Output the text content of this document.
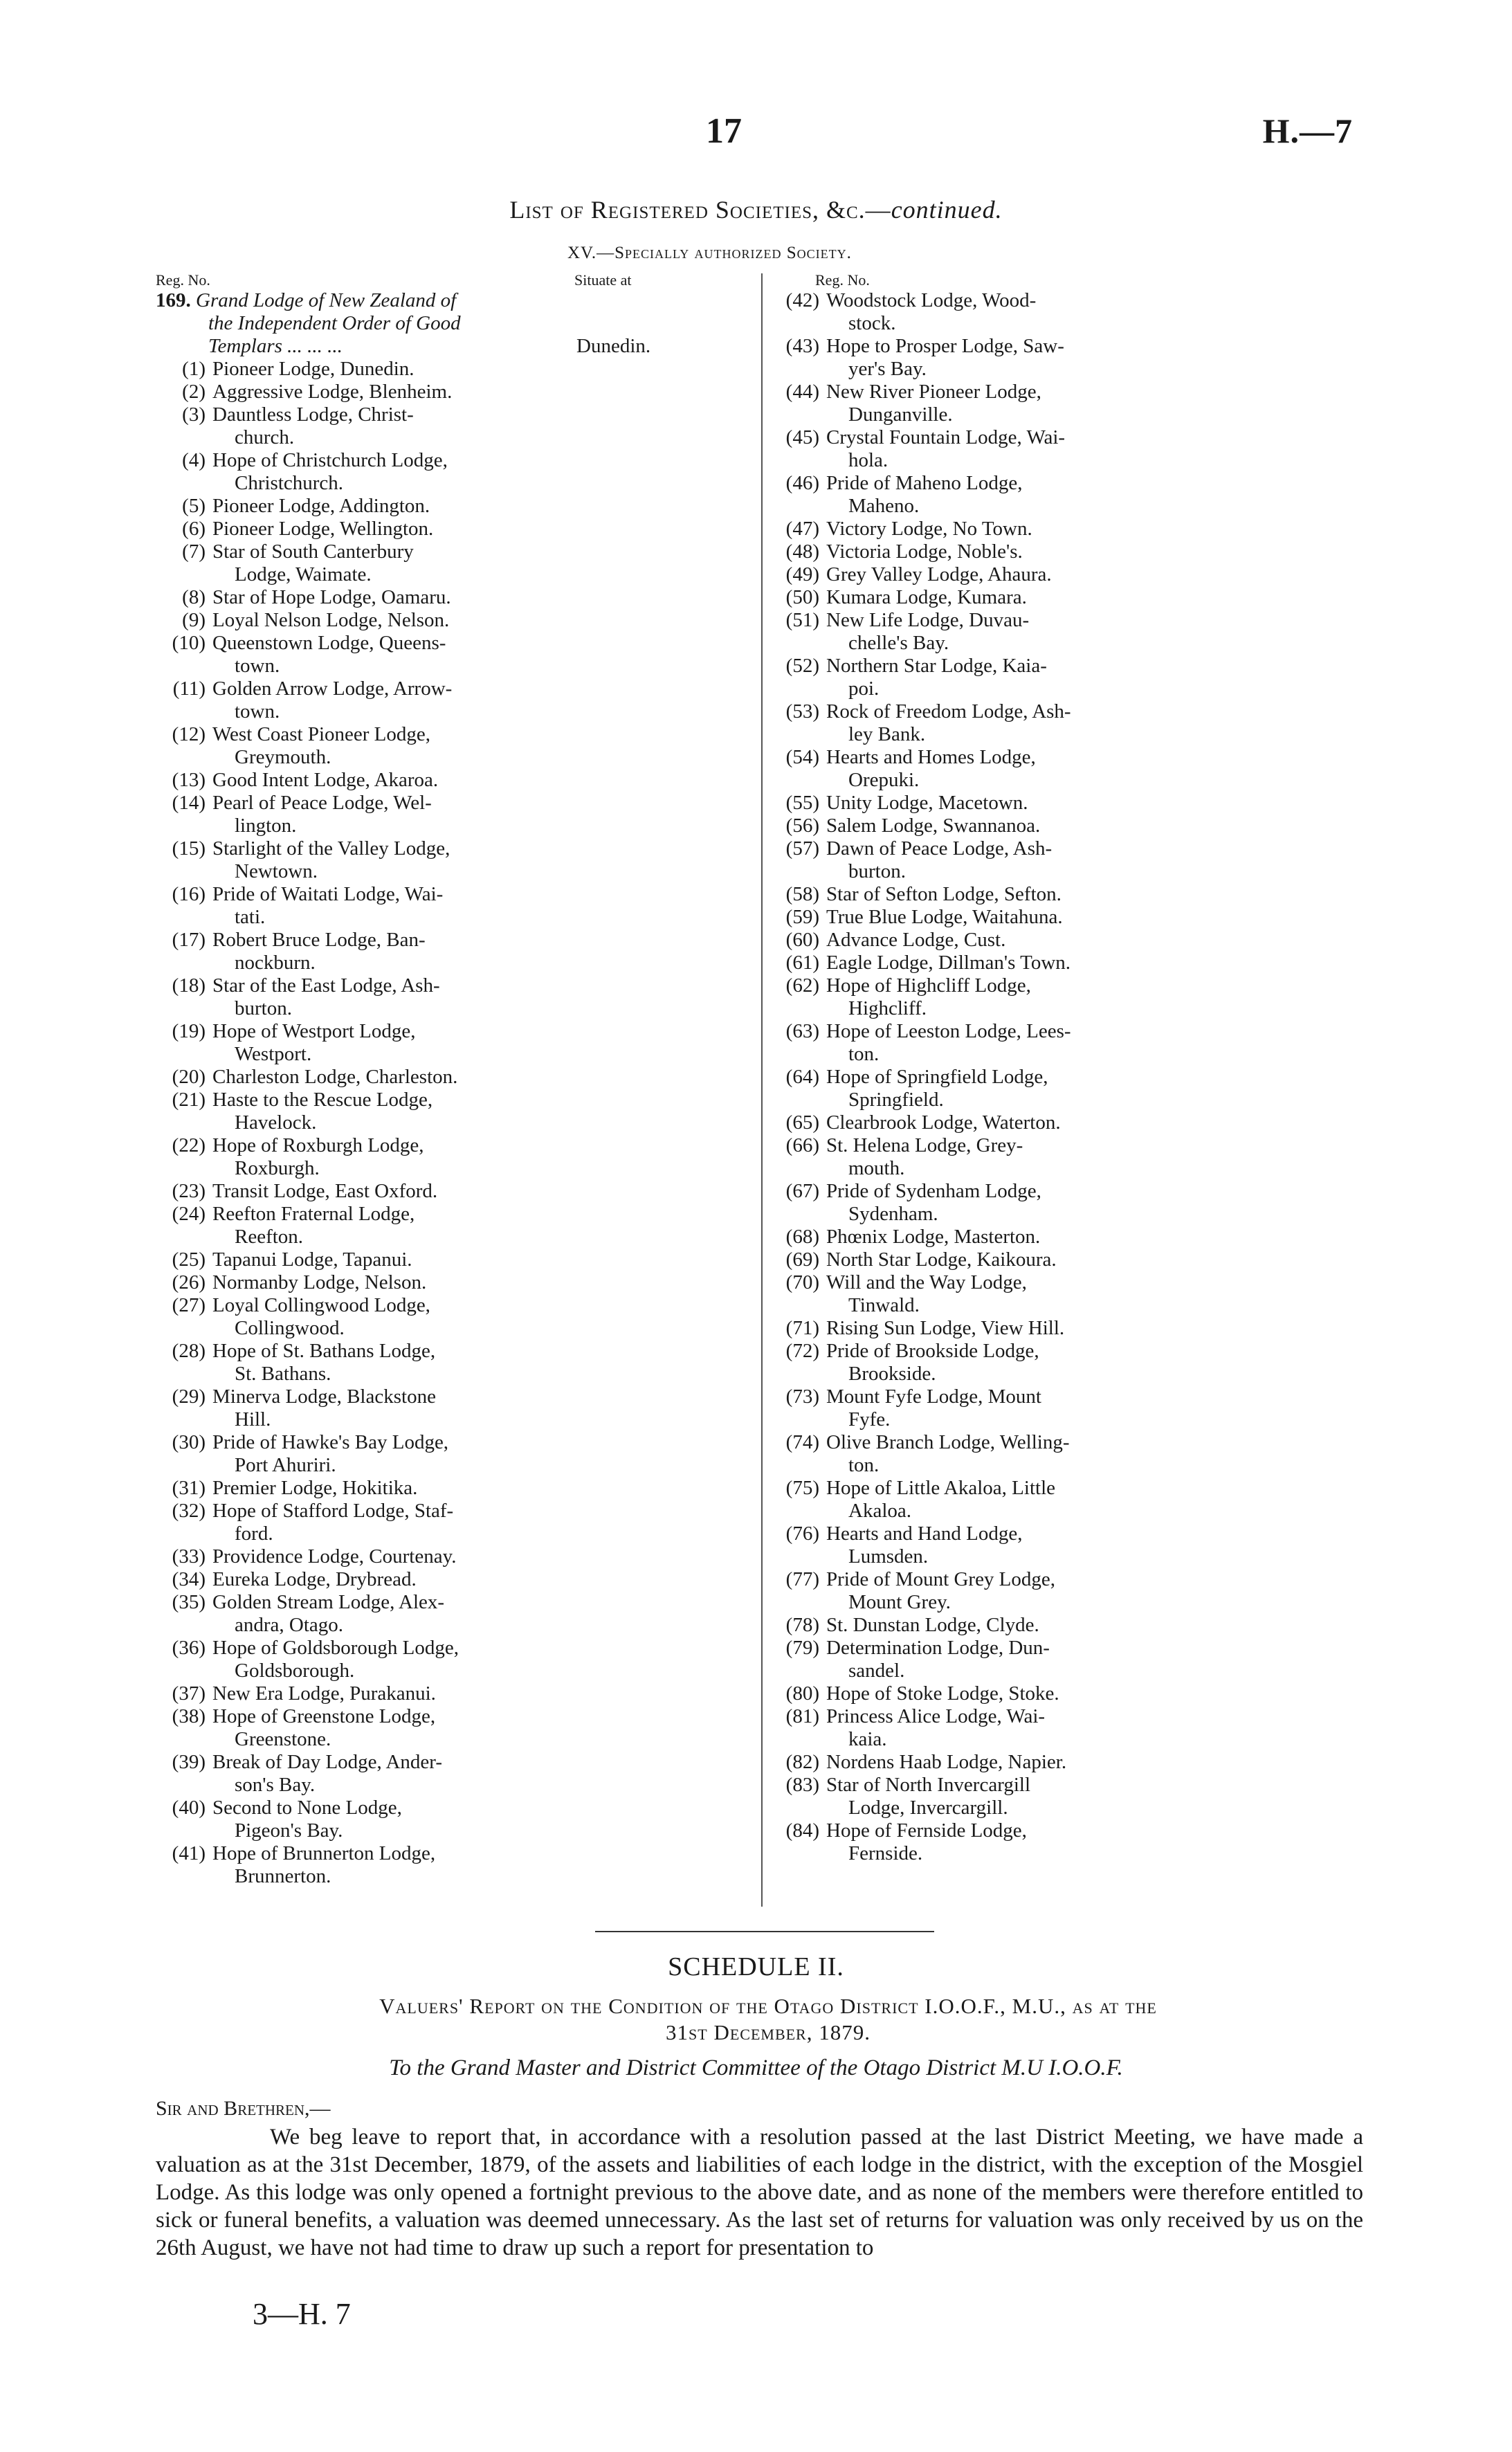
17	H.—7
List of Registered Societies, &c.—continued.
XV.—Specially authorized Society.
Reg. No.	Situate at	Reg. No.
169. Grand Lodge of New Zealand of
the Independent Order of Good
Templars ... ... ...	Dunedin.
(1) Pioneer Lodge, Dunedin.
(2) Aggressive Lodge, Blenheim.
(3) Dauntless Lodge, Christ-
church.
(4) Hope of Christchurch Lodge,
Christchurch.
(5) Pioneer Lodge, Addington.
(6) Pioneer Lodge, Wellington.
(7) Star of South Canterbury
Lodge, Waimate.
(8) Star of Hope Lodge, Oamaru.
(9) Loyal Nelson Lodge, Nelson.
(10) Queenstown Lodge, Queens-
town.
(11) Golden Arrow Lodge, Arrow-
town.
(12) West Coast Pioneer Lodge,
Greymouth.
(13) Good Intent Lodge, Akaroa.
(14) Pearl of Peace Lodge, Wel-
lington.
(15) Starlight of the Valley Lodge,
Newtown.
(16) Pride of Waitati Lodge, Wai-
tati.
(17) Robert Bruce Lodge, Ban-
nockburn.
(18) Star of the East Lodge, Ash-
burton.
(19) Hope of Westport Lodge,
Westport.
(20) Charleston Lodge, Charleston.
(21) Haste to the Rescue Lodge,
Havelock.
(22) Hope of Roxburgh Lodge,
Roxburgh.
(23) Transit Lodge, East Oxford.
(24) Reefton Fraternal Lodge,
Reefton.
(25) Tapanui Lodge, Tapanui.
(26) Normanby Lodge, Nelson.
(27) Loyal Collingwood Lodge,
Collingwood.
(28) Hope of St. Bathans Lodge,
St. Bathans.
(29) Minerva Lodge, Blackstone
Hill.
(30) Pride of Hawke's Bay Lodge,
Port Ahuriri.
(31) Premier Lodge, Hokitika.
(32) Hope of Stafford Lodge, Staf-
ford.
(33) Providence Lodge, Courtenay.
(34) Eureka Lodge, Drybread.
(35) Golden Stream Lodge, Alex-
andra, Otago.
(36) Hope of Goldsborough Lodge,
Goldsborough.
(37) New Era Lodge, Purakanui.
(38) Hope of Greenstone Lodge,
Greenstone.
(39) Break of Day Lodge, Ander-
son's Bay.
(40) Second to None Lodge,
Pigeon's Bay.
(41) Hope of Brunnerton Lodge,
Brunnerton.
(42) Woodstock Lodge, Wood-
stock.
(43) Hope to Prosper Lodge, Saw-
yer's Bay.
(44) New River Pioneer Lodge,
Dunganville.
(45) Crystal Fountain Lodge, Wai-
hola.
(46) Pride of Maheno Lodge,
Maheno.
(47) Victory Lodge, No Town.
(48) Victoria Lodge, Noble's.
(49) Grey Valley Lodge, Ahaura.
(50) Kumara Lodge, Kumara.
(51) New Life Lodge, Duvau-
chelle's Bay.
(52) Northern Star Lodge, Kaia-
poi.
(53) Rock of Freedom Lodge, Ash-
ley Bank.
(54) Hearts and Homes Lodge,
Orepuki.
(55) Unity Lodge, Macetown.
(56) Salem Lodge, Swannanoa.
(57) Dawn of Peace Lodge, Ash-
burton.
(58) Star of Sefton Lodge, Sefton.
(59) True Blue Lodge, Waitahuna.
(60) Advance Lodge, Cust.
(61) Eagle Lodge, Dillman's Town.
(62) Hope of Highcliff Lodge,
Highcliff.
(63) Hope of Leeston Lodge, Lees-
ton.
(64) Hope of Springfield Lodge,
Springfield.
(65) Clearbrook Lodge, Waterton.
(66) St. Helena Lodge, Grey-
mouth.
(67) Pride of Sydenham Lodge,
Sydenham.
(68) Phœnix Lodge, Masterton.
(69) North Star Lodge, Kaikoura.
(70) Will and the Way Lodge,
Tinwald.
(71) Rising Sun Lodge, View Hill.
(72) Pride of Brookside Lodge,
Brookside.
(73) Mount Fyfe Lodge, Mount
Fyfe.
(74) Olive Branch Lodge, Welling-
ton.
(75) Hope of Little Akaloa, Little
Akaloa.
(76) Hearts and Hand Lodge,
Lumsden.
(77) Pride of Mount Grey Lodge,
Mount Grey.
(78) St. Dunstan Lodge, Clyde.
(79) Determination Lodge, Dun-
sandel.
(80) Hope of Stoke Lodge, Stoke.
(81) Princess Alice Lodge, Wai-
kaia.
(82) Nordens Haab Lodge, Napier.
(83) Star of North Invercargill
Lodge, Invercargill.
(84) Hope of Fernside Lodge,
Fernside.
SCHEDULE II.
Valuers' Report on the Condition of the Otago District I.O.O.F., M.U., as at the
31st December, 1879.
To the Grand Master and District Committee of the Otago District M.U I.O.O.F.
Sir and Brethren,—
We beg leave to report that, in accordance with a resolution passed at the last District Meeting, we have made a valuation as at the 31st December, 1879, of the assets and liabilities of each lodge in the district, with the exception of the Mosgiel Lodge. As this lodge was only opened a fortnight previous to the above date, and as none of the members were therefore entitled to sick or funeral benefits, a valuation was deemed unnecessary. As the last set of returns for valuation was only received by us on the 26th August, we have not had time to draw up such a report for presentation to
3—H. 7
